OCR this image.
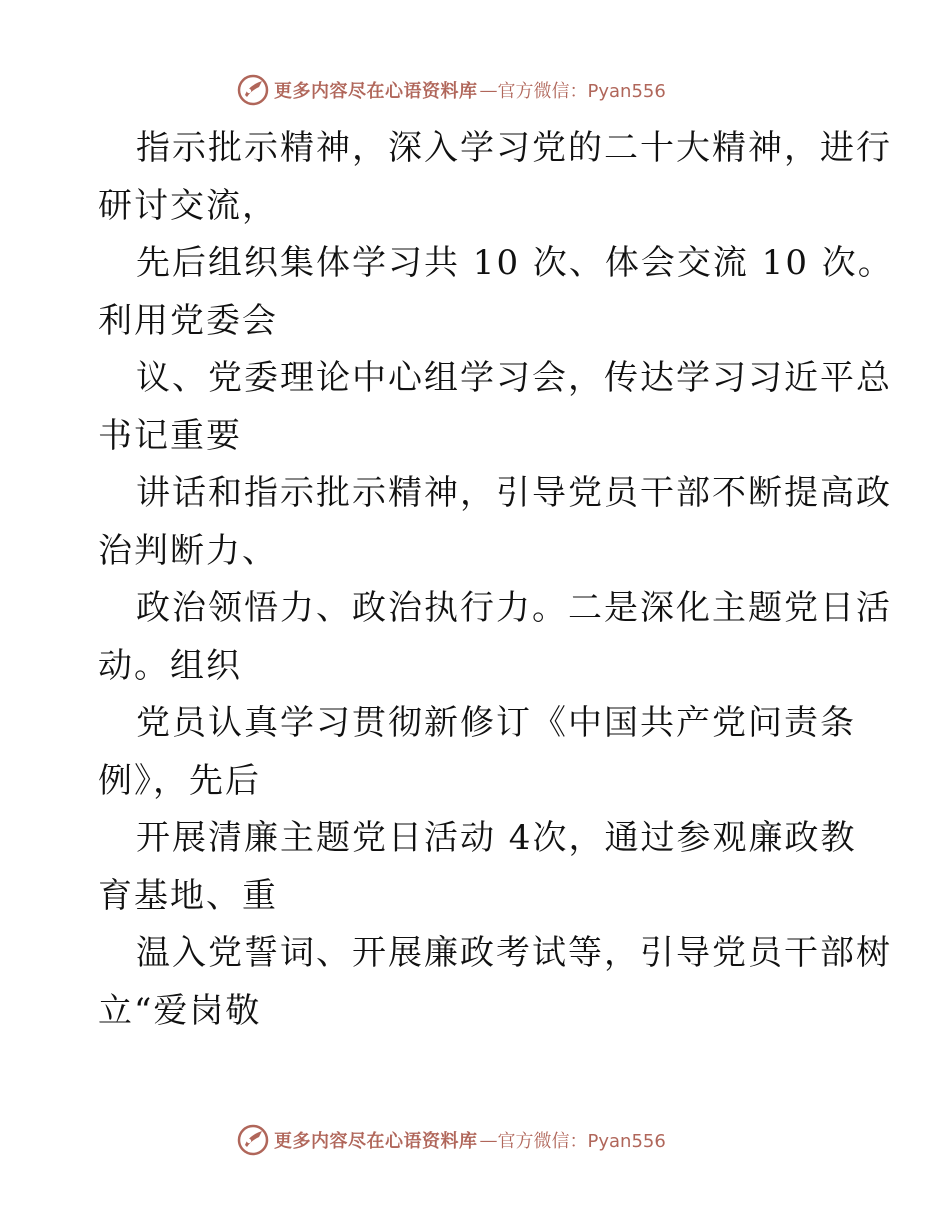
更多内容尽在心语资料库 — 官方微信：Pyan556
指示批示精神，深入学习党的二十大精神，进行
研讨交流，
先后组织集体学习共 10 次、体会交流 10 次。
利用党委会
议、党委理论中心组学习会，传达学习习近平总
书记重要
讲话和指示批示精神，引导党员干部不断提高政
治判断力、
政治领悟力、政治执行力。二是深化主题党日活
动。组织
党员认真学习贯彻新修订《中国共产党问责条
例》，先后
开展清廉主题党日活动 4次，通过参观廉政教
育基地、重
温入党誓词、开展廉政考试等，引导党员干部树
立“爱岗敬
更多内容尽在心语资料库 — 官方微信：Pyan556
